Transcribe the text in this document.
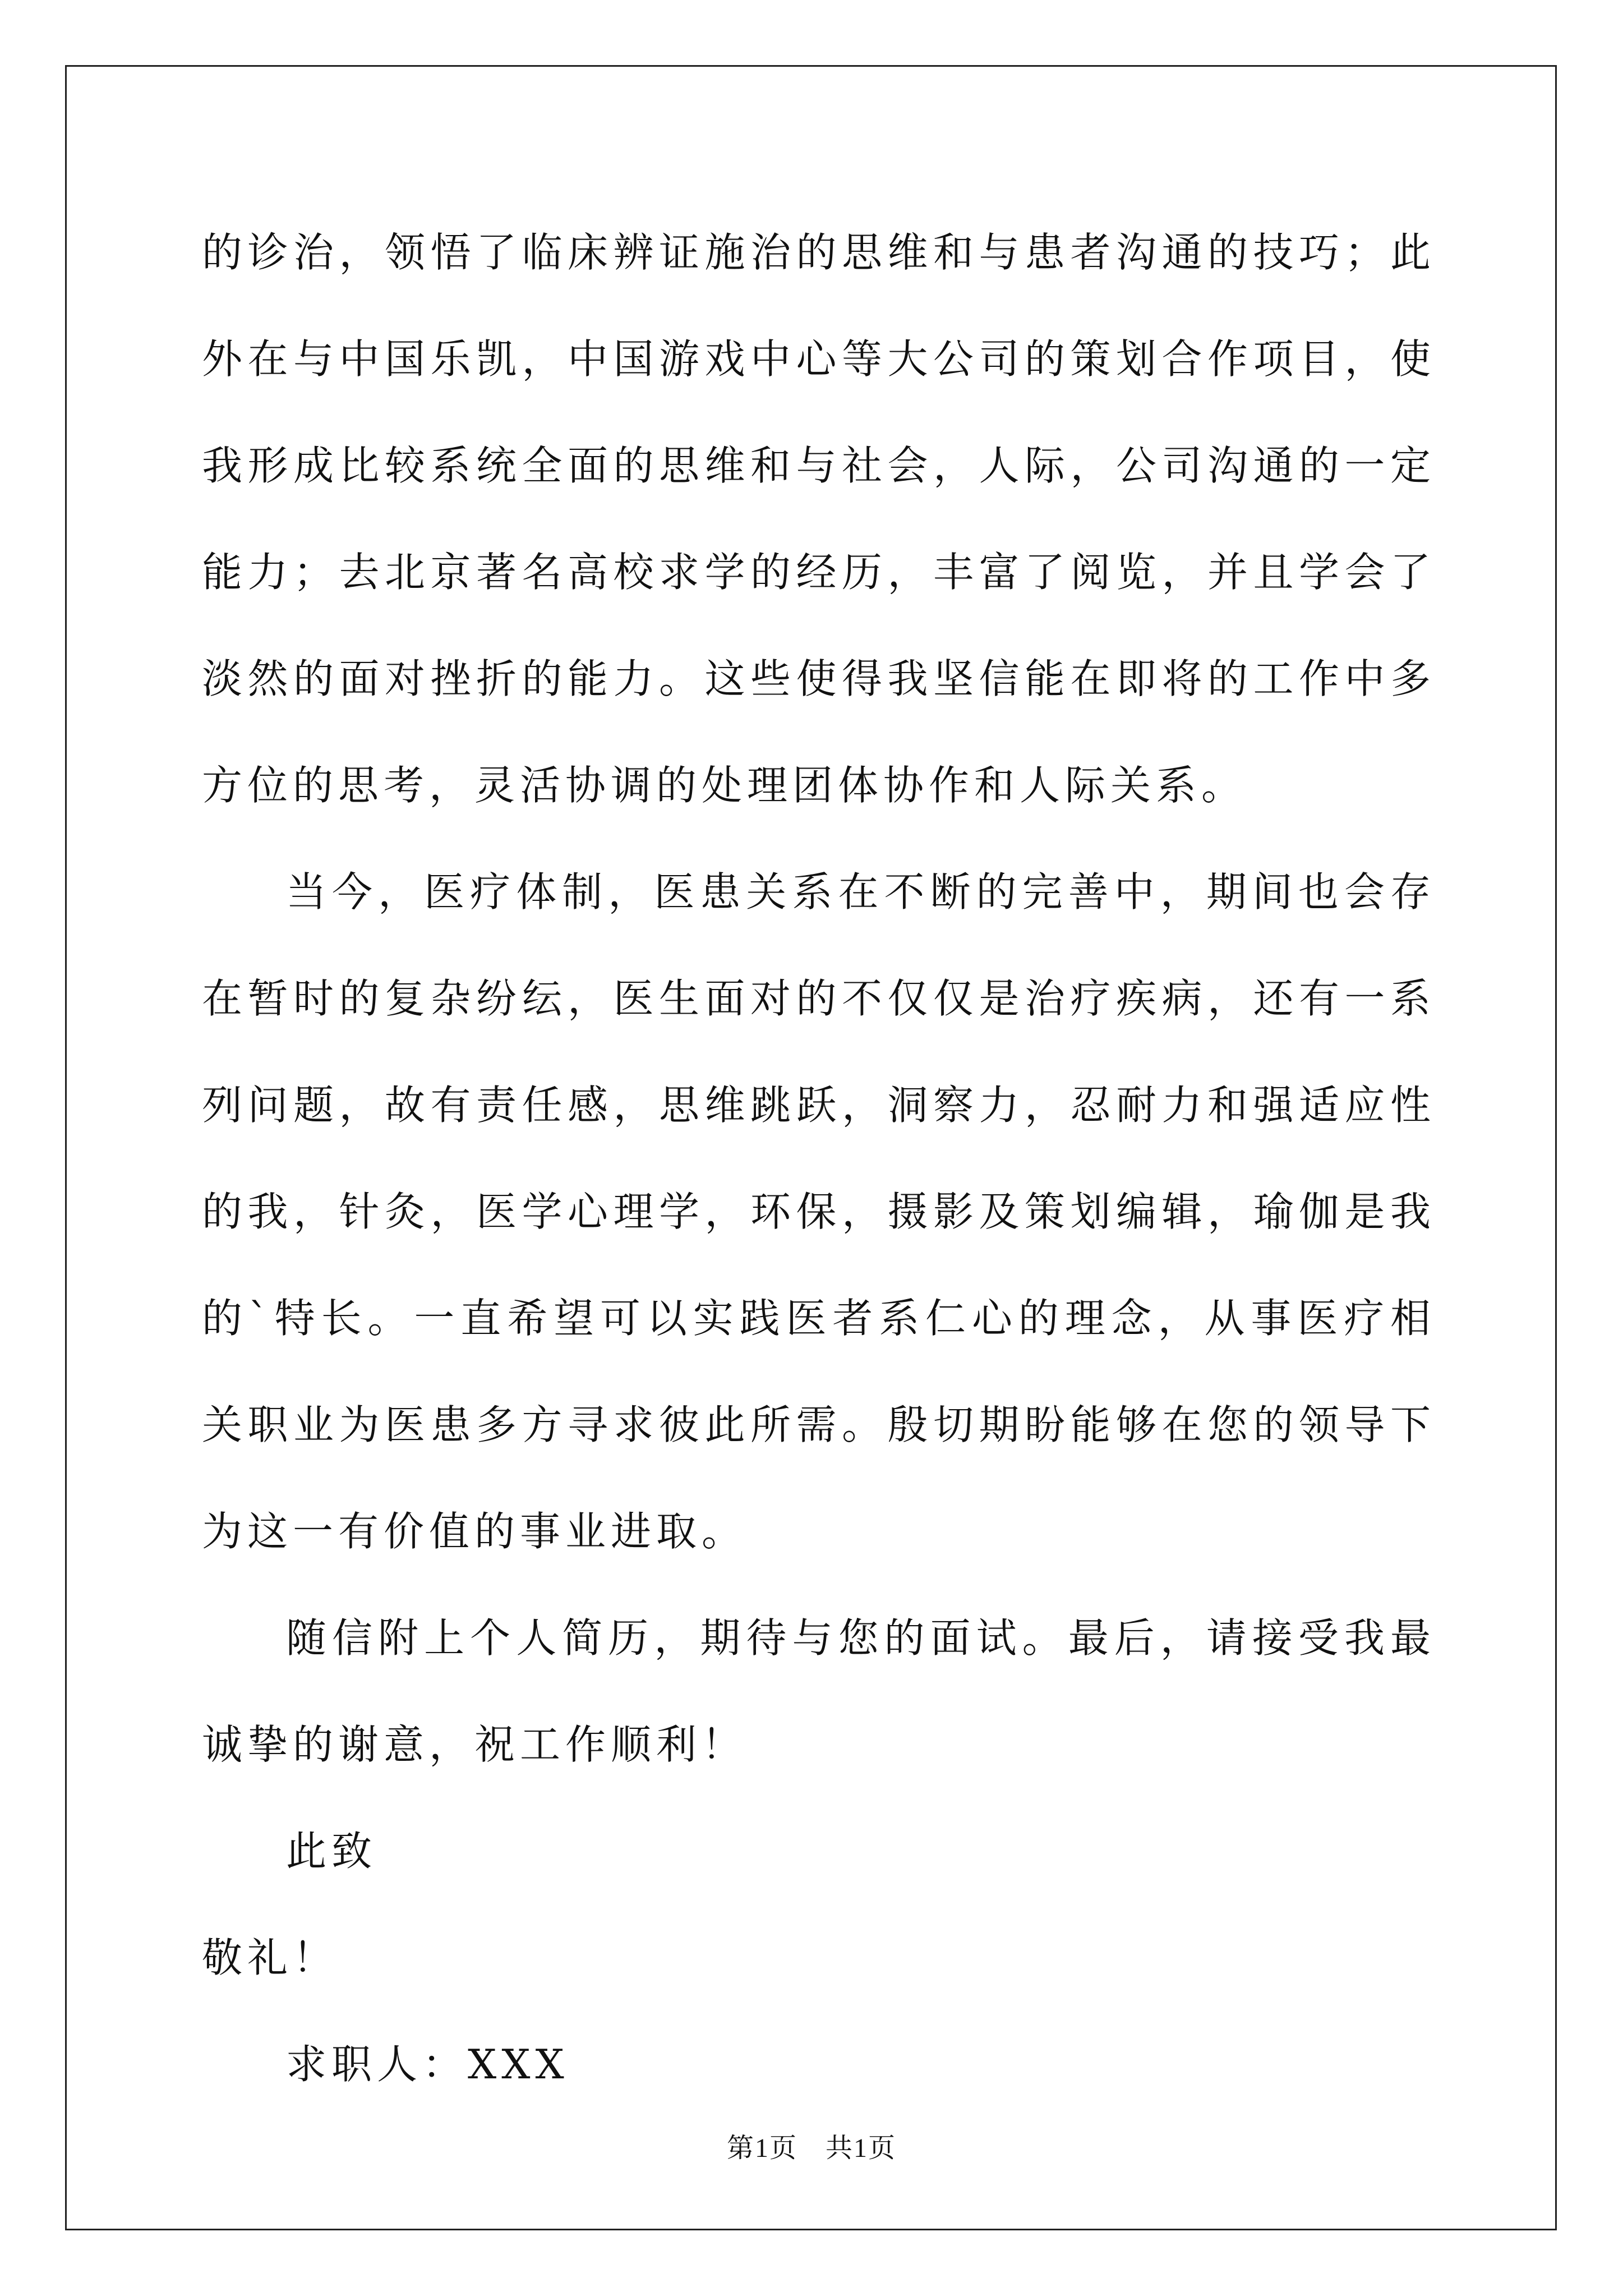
的诊治，领悟了临床辨证施治的思维和与患者沟通的技巧；此外在与中国乐凯，中国游戏中心等大公司的策划合作项目，使我形成比较系统全面的思维和与社会，人际，公司沟通的一定能力；去北京著名高校求学的经历，丰富了阅览，并且学会了淡然的面对挫折的能力。这些使得我坚信能在即将的工作中多方位的思考，灵活协调的处理团体协作和人际关系。

当今，医疗体制，医患关系在不断的完善中，期间也会存在暂时的复杂纷纭，医生面对的不仅仅是治疗疾病，还有一系列问题，故有责任感，思维跳跃，洞察力，忍耐力和强适应性的我，针灸，医学心理学，环保，摄影及策划编辑，瑜伽是我的`特长。一直希望可以实践医者系仁心的理念，从事医疗相关职业为医患多方寻求彼此所需。殷切期盼能够在您的领导下为这一有价值的事业进取。

随信附上个人简历，期待与您的面试。最后，请接受我最诚挚的谢意，祝工作顺利！

此致

敬礼！

求职人：XXX

第1页 共1页
